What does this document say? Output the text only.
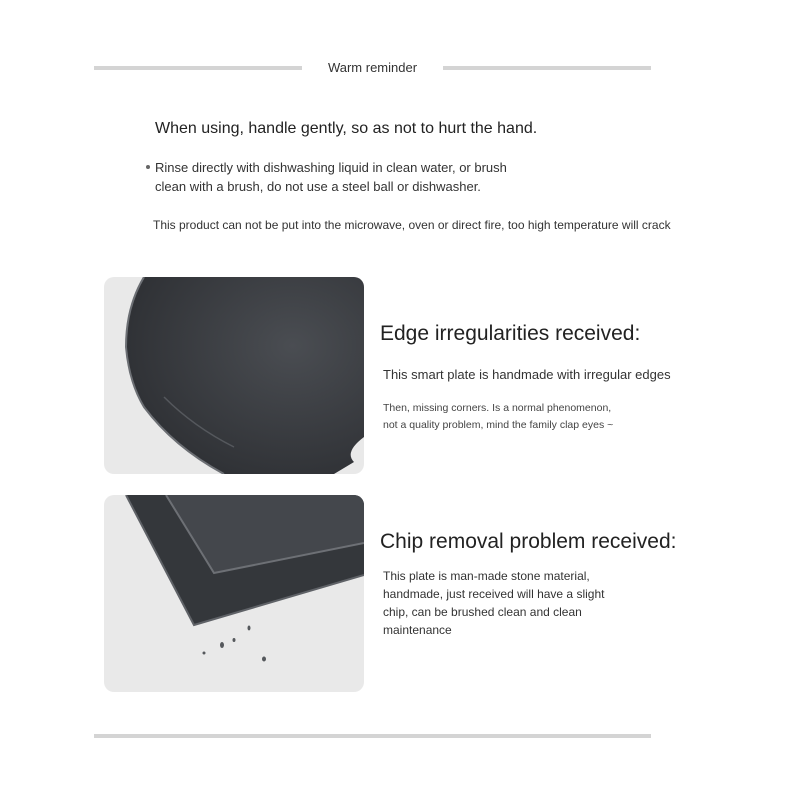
Warm reminder
When using, handle gently, so as not to hurt the hand.
Rinse directly with dishwashing liquid in clean water, or brush
clean with a brush, do not use a steel ball or dishwasher.
This product can not be put into the microwave, oven or direct fire, too high temperature will crack
Edge irregularities received:
This smart plate is handmade with irregular edges
Then, missing corners. Is a normal phenomenon,
not a quality problem, mind the family clap eyes ~
Chip removal problem received:
This plate is man-made stone material,
handmade, just received will have a slight
chip, can be brushed clean and clean
maintenance
